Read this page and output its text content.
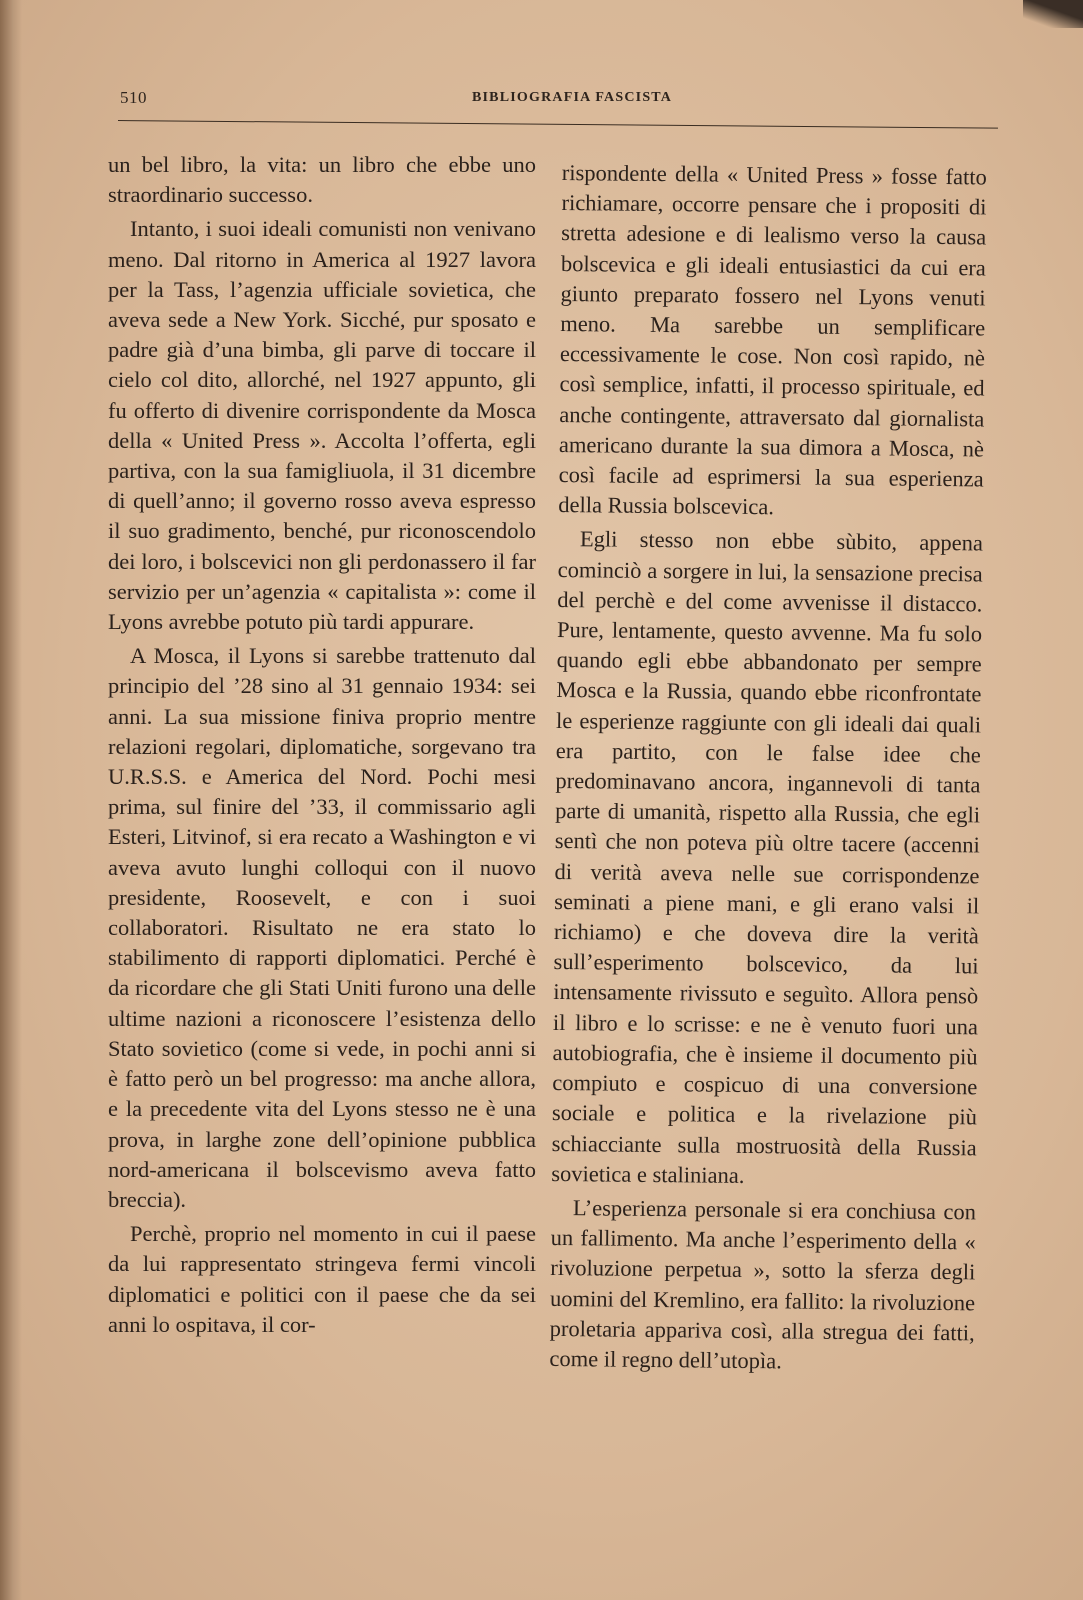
510	BIBLIOGRAFIA FASCISTA

un bel libro, la vita: un libro che ebbe uno straordinario successo.

Intanto, i suoi ideali comunisti non venivano meno. Dal ritorno in America al 1927 lavora per la Tass, l’agenzia ufficiale sovietica, che aveva sede a New York. Sicché, pur sposato e padre già d’una bimba, gli parve di toccare il cielo col dito, allorché, nel 1927 appunto, gli fu offerto di divenire corrispondente da Mosca della « United Press ». Accolta l’offerta, egli partiva, con la sua famigliuola, il 31 dicembre di quell’anno; il governo rosso aveva espresso il suo gradimento, benché, pur riconoscendolo dei loro, i bolscevici non gli perdonassero il far servizio per un’agenzia « capitalista »: come il Lyons avrebbe potuto più tardi appurare.

A Mosca, il Lyons si sarebbe trattenuto dal principio del ’28 sino al 31 gennaio 1934: sei anni. La sua missione finiva proprio mentre relazioni regolari, diplomatiche, sorgevano tra U.R.S.S. e America del Nord. Pochi mesi prima, sul finire del ’33, il commissario agli Esteri, Litvinof, si era recato a Washington e vi aveva avuto lunghi colloqui con il nuovo presidente, Roosevelt, e con i suoi collaboratori. Risultato ne era stato lo stabilimento di rapporti diplomatici. Perché è da ricordare che gli Stati Uniti furono una delle ultime nazioni a riconoscere l’esistenza dello Stato sovietico (come si vede, in pochi anni si è fatto però un bel progresso: ma anche allora, e la precedente vita del Lyons stesso ne è una prova, in larghe zone dell’opinione pubblica nord-americana il bolscevismo aveva fatto breccia).

Perchè, proprio nel momento in cui il paese da lui rappresentato stringeva fermi vincoli diplomatici e politici con il paese che da sei anni lo ospitava, il cor-

rispondente della « United Press » fosse fatto richiamare, occorre pensare che i propositi di stretta adesione e di lealismo verso la causa bolscevica e gli ideali entusiastici da cui era giunto preparato fossero nel Lyons venuti meno. Ma sarebbe un semplificare eccessivamente le cose. Non così rapido, nè così semplice, infatti, il processo spirituale, ed anche contingente, attraversato dal giornalista americano durante la sua dimora a Mosca, nè così facile ad esprimersi la sua esperienza della Russia bolscevica.

Egli stesso non ebbe sùbito, appena cominciò a sorgere in lui, la sensazione precisa del perchè e del come avvenisse il distacco. Pure, lentamente, questo avvenne. Ma fu solo quando egli ebbe abbandonato per sempre Mosca e la Russia, quando ebbe riconfrontate le esperienze raggiunte con gli ideali dai quali era partito, con le false idee che predominavano ancora, ingannevoli di tanta parte di umanità, rispetto alla Russia, che egli sentì che non poteva più oltre tacere (accenni di verità aveva nelle sue corrispondenze seminati a piene mani, e gli erano valsi il richiamo) e che doveva dire la verità sull’esperimento bolscevico, da lui intensamente rivissuto e seguìto. Allora pensò il libro e lo scrisse: e ne è venuto fuori una autobiografia, che è insieme il documento più compiuto e cospicuo di una conversione sociale e politica e la rivelazione più schiacciante sulla mostruosità della Russia sovietica e staliniana.

L’esperienza personale si era conchiusa con un fallimento. Ma anche l’esperimento della « rivoluzione perpetua », sotto la sferza degli uomini del Kremlino, era fallito: la rivoluzione proletaria appariva così, alla stregua dei fatti, come il regno dell’utopìa.
